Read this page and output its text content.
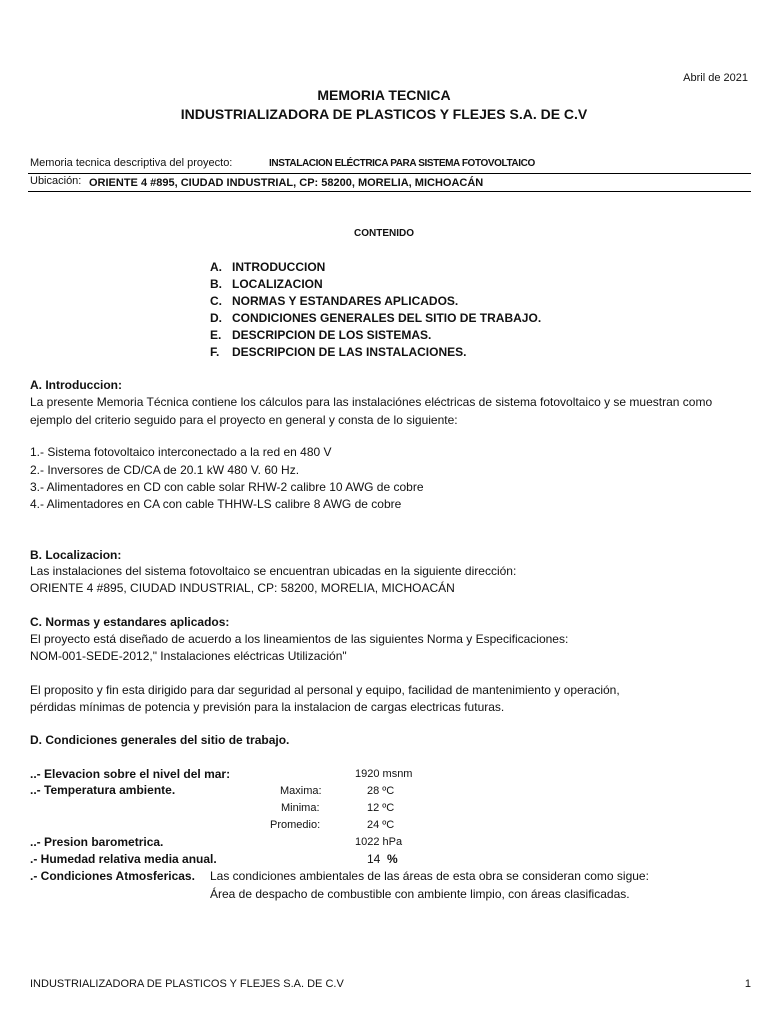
Abril de 2021
MEMORIA TECNICA
INDUSTRIALIZADORA DE PLASTICOS Y FLEJES S.A. DE C.V
Memoria tecnica descriptiva del proyecto:	INSTALACION ELÉCTRICA PARA SISTEMA FOTOVOLTAICO
Ubicación: ORIENTE 4 #895, CIUDAD INDUSTRIAL, CP: 58200, MORELIA, MICHOACÁN
CONTENIDO
A. INTRODUCCION
B. LOCALIZACION
C. NORMAS Y ESTANDARES APLICADOS.
D. CONDICIONES GENERALES DEL SITIO DE TRABAJO.
E. DESCRIPCION DE LOS SISTEMAS.
F. DESCRIPCION DE LAS INSTALACIONES.
A. Introduccion:
La presente Memoria Técnica contiene los cálculos para las instalaciónes eléctricas de sistema fotovoltaico y se muestran como
ejemplo del criterio seguido para el proyecto en general y consta de lo siguiente:
1.- Sistema fotovoltaico interconectado a la red en 480 V
2.- Inversores de CD/CA de 20.1 kW 480 V. 60 Hz.
3.- Alimentadores en CD con cable solar RHW-2 calibre 10 AWG de cobre
4.- Alimentadores en CA con cable THHW-LS calibre 8 AWG de cobre
B. Localizacion:
Las instalaciones del sistema fotovoltaico se encuentran ubicadas en la siguiente dirección:
ORIENTE 4 #895, CIUDAD INDUSTRIAL, CP: 58200, MORELIA, MICHOACÁN
C. Normas y estandares aplicados:
El proyecto está diseñado de acuerdo a los lineamientos de las siguientes Norma y Especificaciones:
NOM-001-SEDE-2012," Instalaciones eléctricas Utilización"
El proposito y fin esta dirigido para dar seguridad al personal y equipo, facilidad de mantenimiento y operación,
pérdidas mínimas de potencia y previsión para la instalacion de cargas electricas futuras.
D. Condiciones generales del sitio de trabajo.
..- Elevacion sobre el nivel del mar:	1920 msnm
..- Temperatura ambiente.	Maxima:	28 ºC
Minima:	12 ºC
Promedio:	24 ºC
..- Presion barometrica.	1022 hPa
.- Humedad relativa media anual.	14 %
.- Condiciones Atmosfericas. Las condiciones ambientales de las áreas de esta obra se consideran como sigue:
Área de despacho de combustible con ambiente limpio, con áreas clasificadas.
INDUSTRIALIZADORA DE PLASTICOS Y FLEJES S.A. DE C.V	1
